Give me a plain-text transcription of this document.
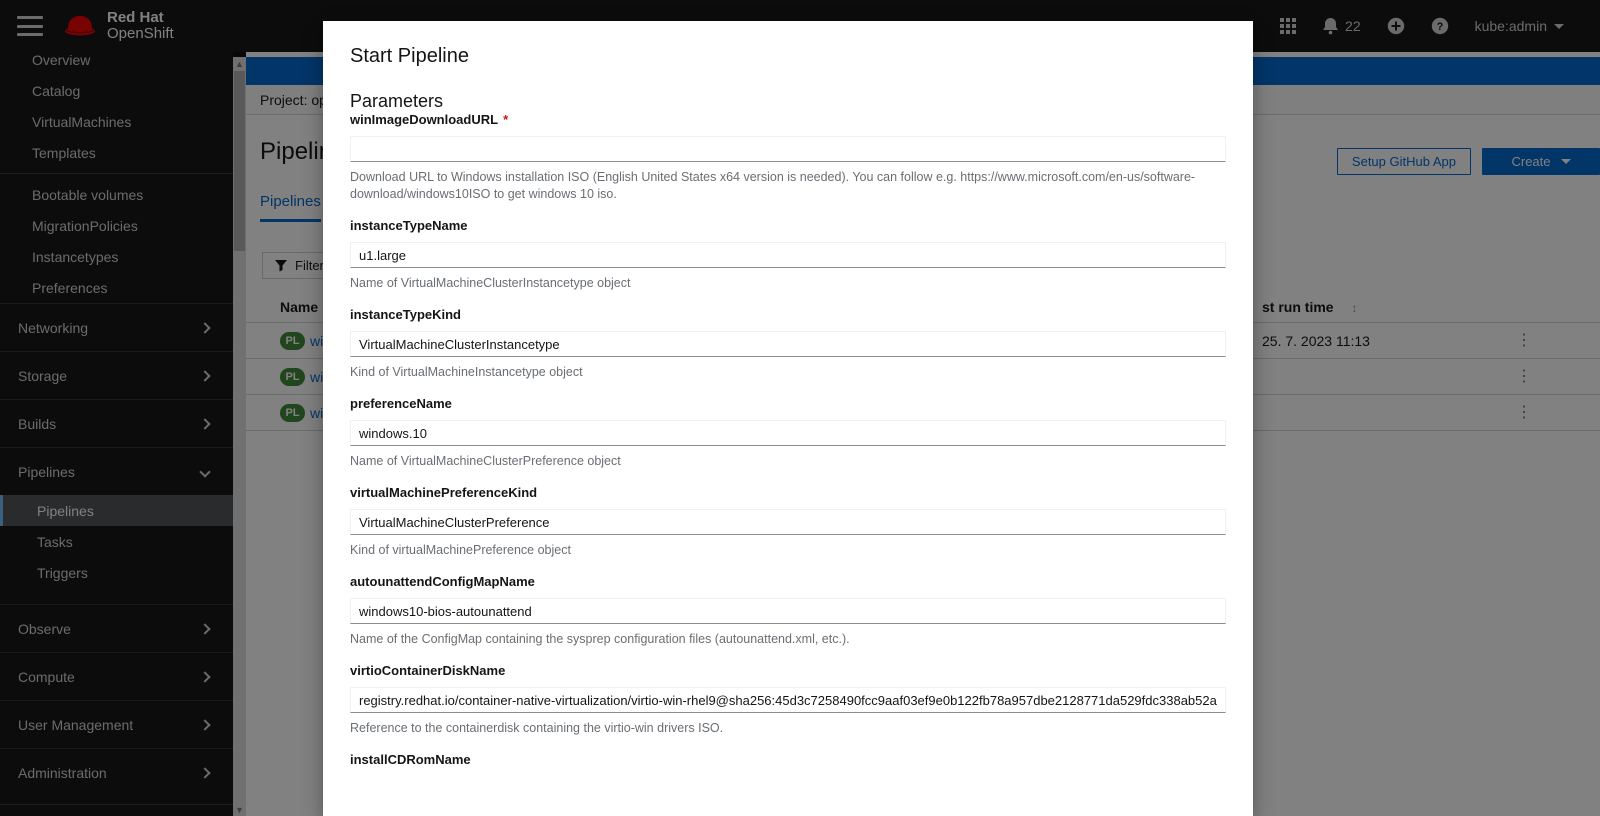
Start Pipeline
Parameters
winImageDownloadURL *
Download URL to Windows installation ISO (English United States x64 version is needed). You can follow e.g. https://www.microsoft.com/en-us/software-download/windows10ISO to get windows 10 iso.
instanceTypeName
u1.large
Name of VirtualMachineClusterInstancetype object
instanceTypeKind
VirtualMachineClusterInstancetype
Kind of VirtualMachineInstancetype object
preferenceName
windows.10
Name of VirtualMachineClusterPreference object
virtualMachinePreferenceKind
VirtualMachineClusterPreference
Kind of virtualMachinePreference object
autounattendConfigMapName
windows10-bios-autounattend
Name of the ConfigMap containing the sysprep configuration files (autounattend.xml, etc.).
virtioContainerDiskName
registry.redhat.io/container-native-virtualization/virtio-win-rhel9@sha256:45d3c7258490fcc9aaf03ef9e0b122fb78a957dbe2128771da529fdc338ab52a
Reference to the containerdisk containing the virtio-win drivers ISO.
installCDRomName
